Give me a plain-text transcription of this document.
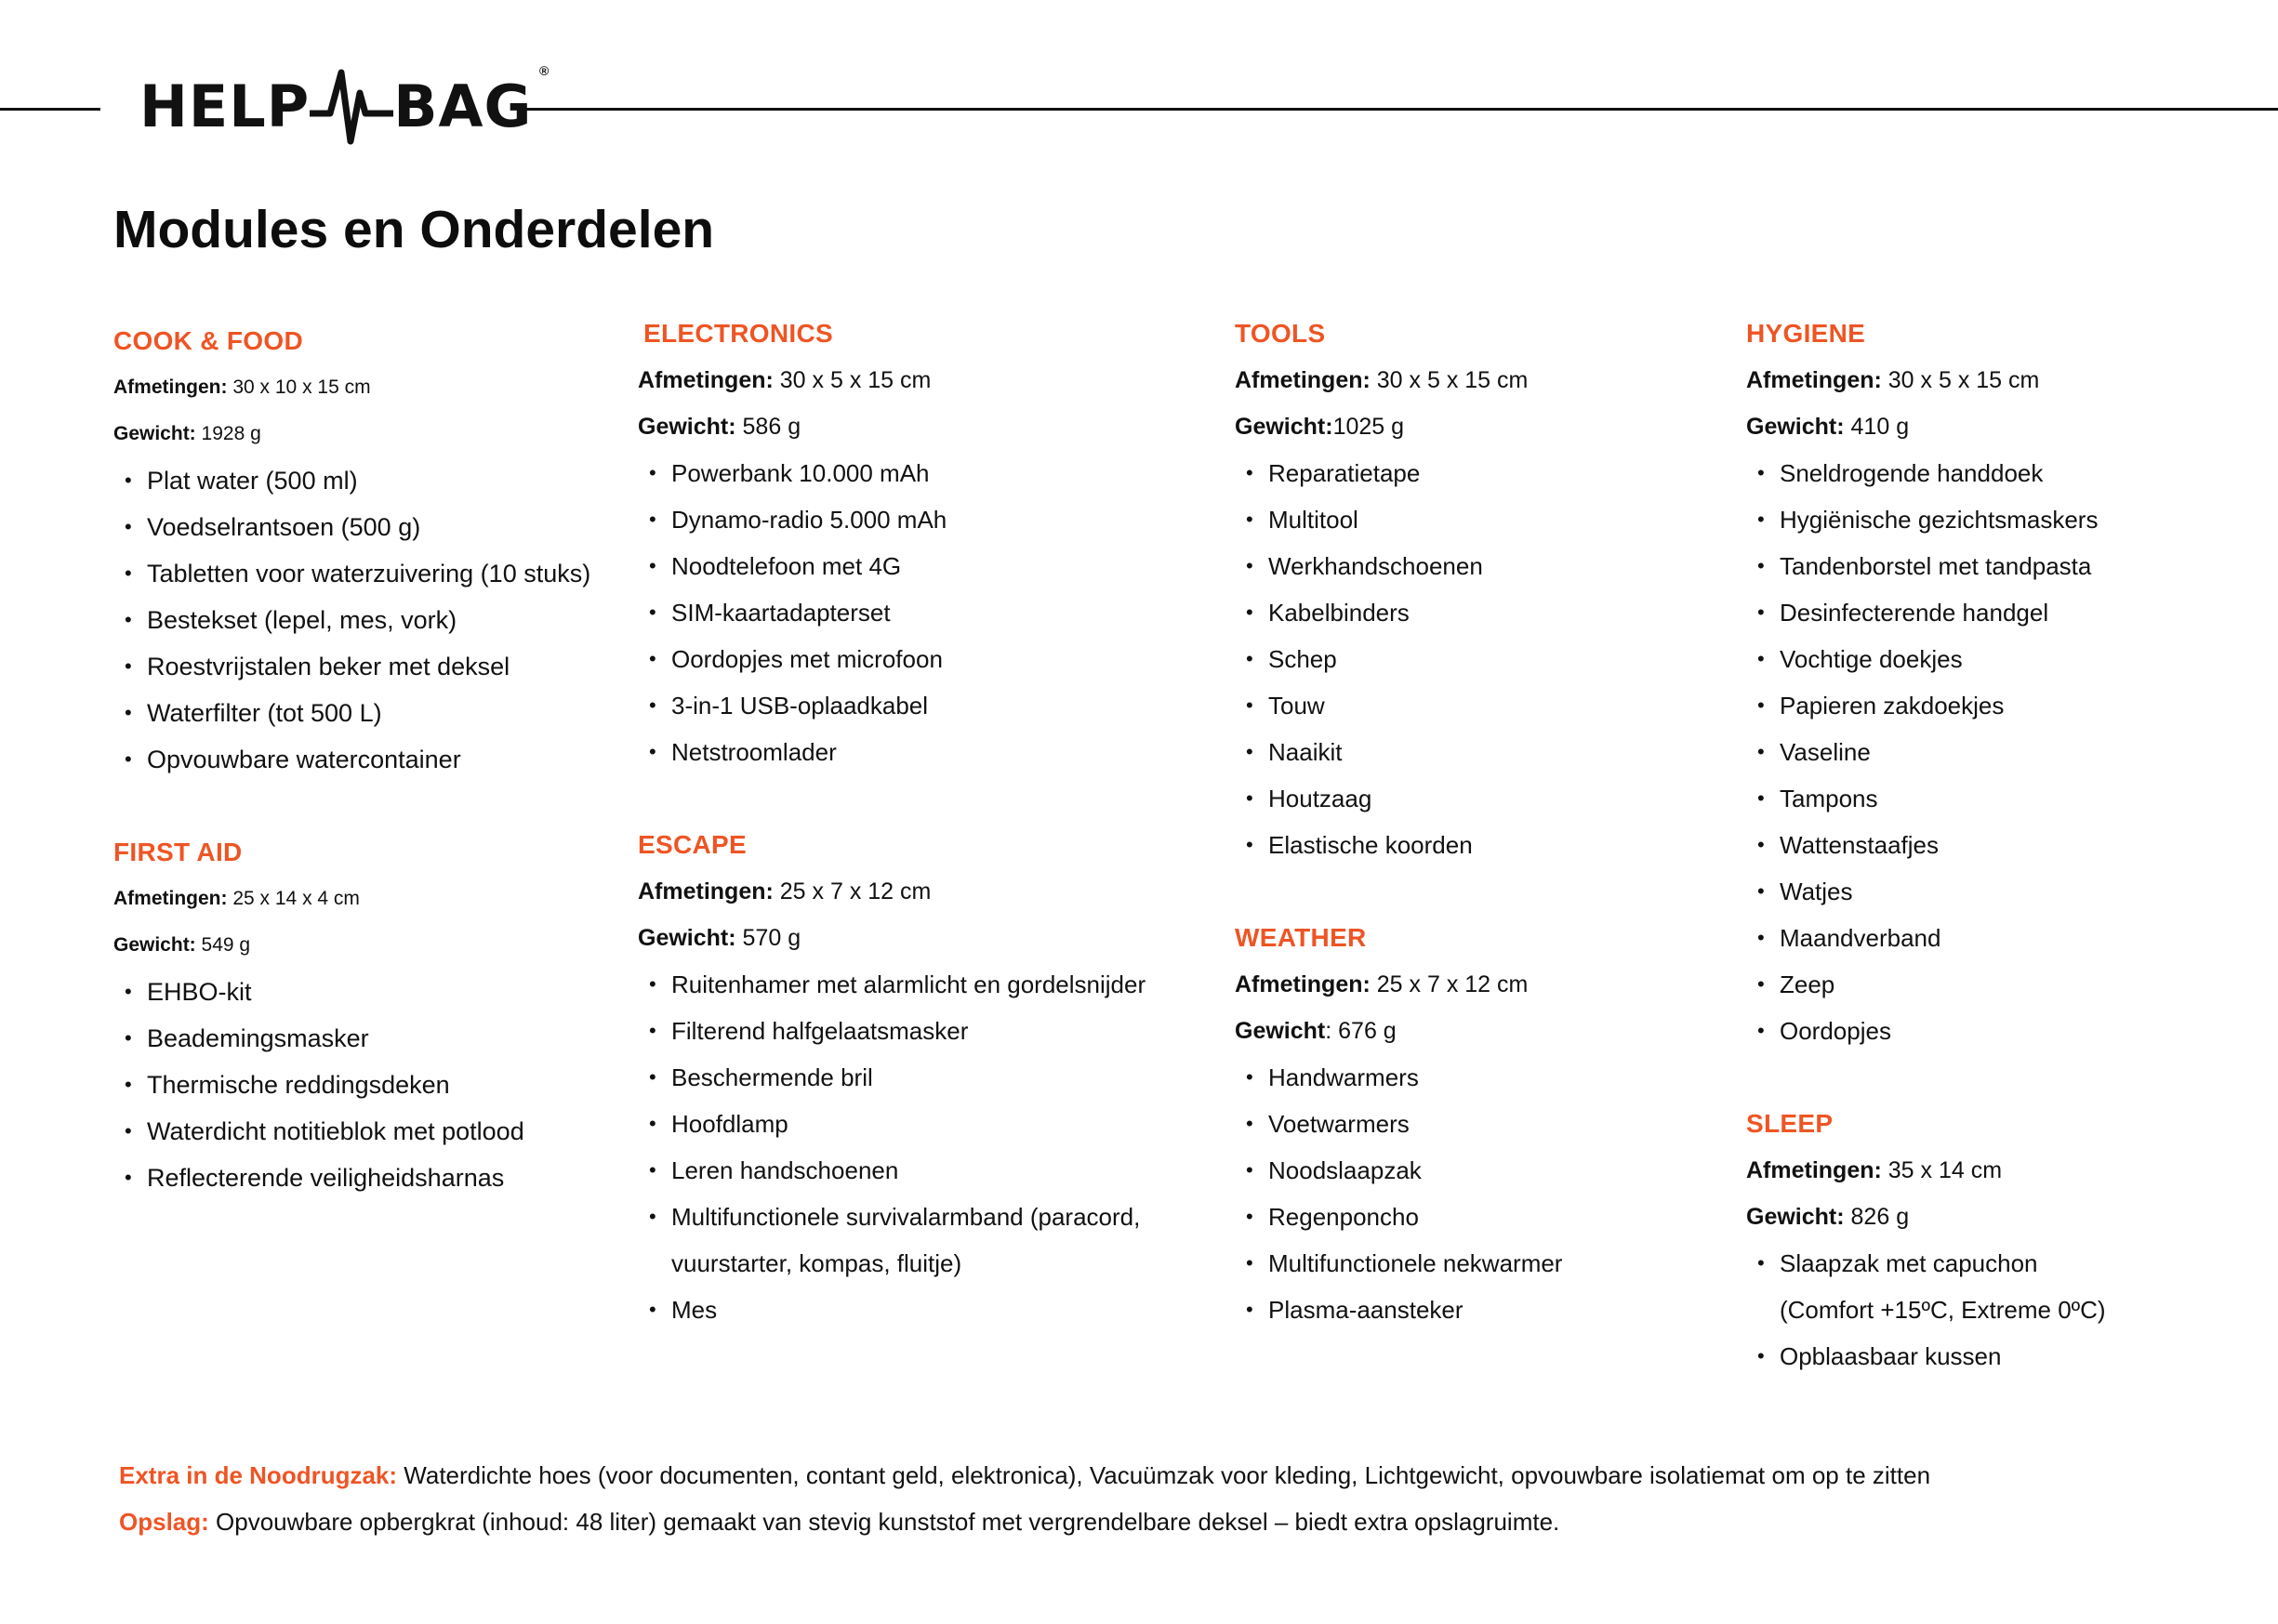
HELP BAG
®
Modules en Onderdelen
COOK & FOOD

Afmetingen: 30 x 10 x 15 cm

Gewicht: 1928 g

• Plat water (500 ml)
• Voedselrantsoen (500 g)
• Tabletten voor waterzuivering (10 stuks)
• Bestekset (lepel, mes, vork)
• Roestvrijstalen beker met deksel
• Waterfilter (tot 500 L)
• Opvouwbare watercontainer
FIRST AID

Afmetingen: 25 x 14 x 4 cm

Gewicht: 549 g

• EHBO-kit
• Beademingsmasker
• Thermische reddingsdeken
• Waterdicht notitieblok met potlood
• Reflecterende veiligheidsharnas
ELECTRONICS

Afmetingen: 30 x 5 x 15 cm

Gewicht: 586 g

• Powerbank 10.000 mAh
• Dynamo-radio 5.000 mAh
• Noodtelefoon met 4G
• SIM-kaartadapterset
• Oordopjes met microfoon
• 3-in-1 USB-oplaadkabel
• Netstroomlader
ESCAPE

Afmetingen: 25 x 7 x 12 cm

Gewicht: 570 g

• Ruitenhamer met alarmlicht en gordelsnijder
• Filterend halfgelaatsmasker
• Beschermende bril
• Hoofdlamp
• Leren handschoenen
• Multifunctionele survivalarmband (paracord,
vuurstarter, kompas, fluitje)
• Mes
TOOLS

Afmetingen: 30 x 5 x 15 cm

Gewicht:1025 g

• Reparatietape
• Multitool
• Werkhandschoenen
• Kabelbinders
• Schep
• Touw
• Naaikit
• Houtzaag
• Elastische koorden
WEATHER

Afmetingen: 25 x 7 x 12 cm

Gewicht: 676 g

• Handwarmers
• Voetwarmers
• Noodslaapzak
• Regenponcho
• Multifunctionele nekwarmer
• Plasma-aansteker
HYGIENE

Afmetingen: 30 x 5 x 15 cm

Gewicht: 410 g

• Sneldrogende handdoek
• Hygiënische gezichtsmaskers
• Tandenborstel met tandpasta
• Desinfecterende handgel
• Vochtige doekjes
• Papieren zakdoekjes
• Vaseline
• Tampons
• Wattenstaafjes
• Watjes
• Maandverband
• Zeep
• Oordopjes
SLEEP

Afmetingen: 35 x 14 cm

Gewicht: 826 g

• Slaapzak met capuchon
(Comfort +15ºC, Extreme 0ºC)
• Opblaasbaar kussen
Extra in de Noodrugzak: Waterdichte hoes (voor documenten, contant geld, elektronica), Vacuümzak voor kleding, Lichtgewicht, opvouwbare isolatiemat om op te zitten
Opslag: Opvouwbare opbergkrat (inhoud: 48 liter) gemaakt van stevig kunststof met vergrendelbare deksel – biedt extra opslagruimte.
